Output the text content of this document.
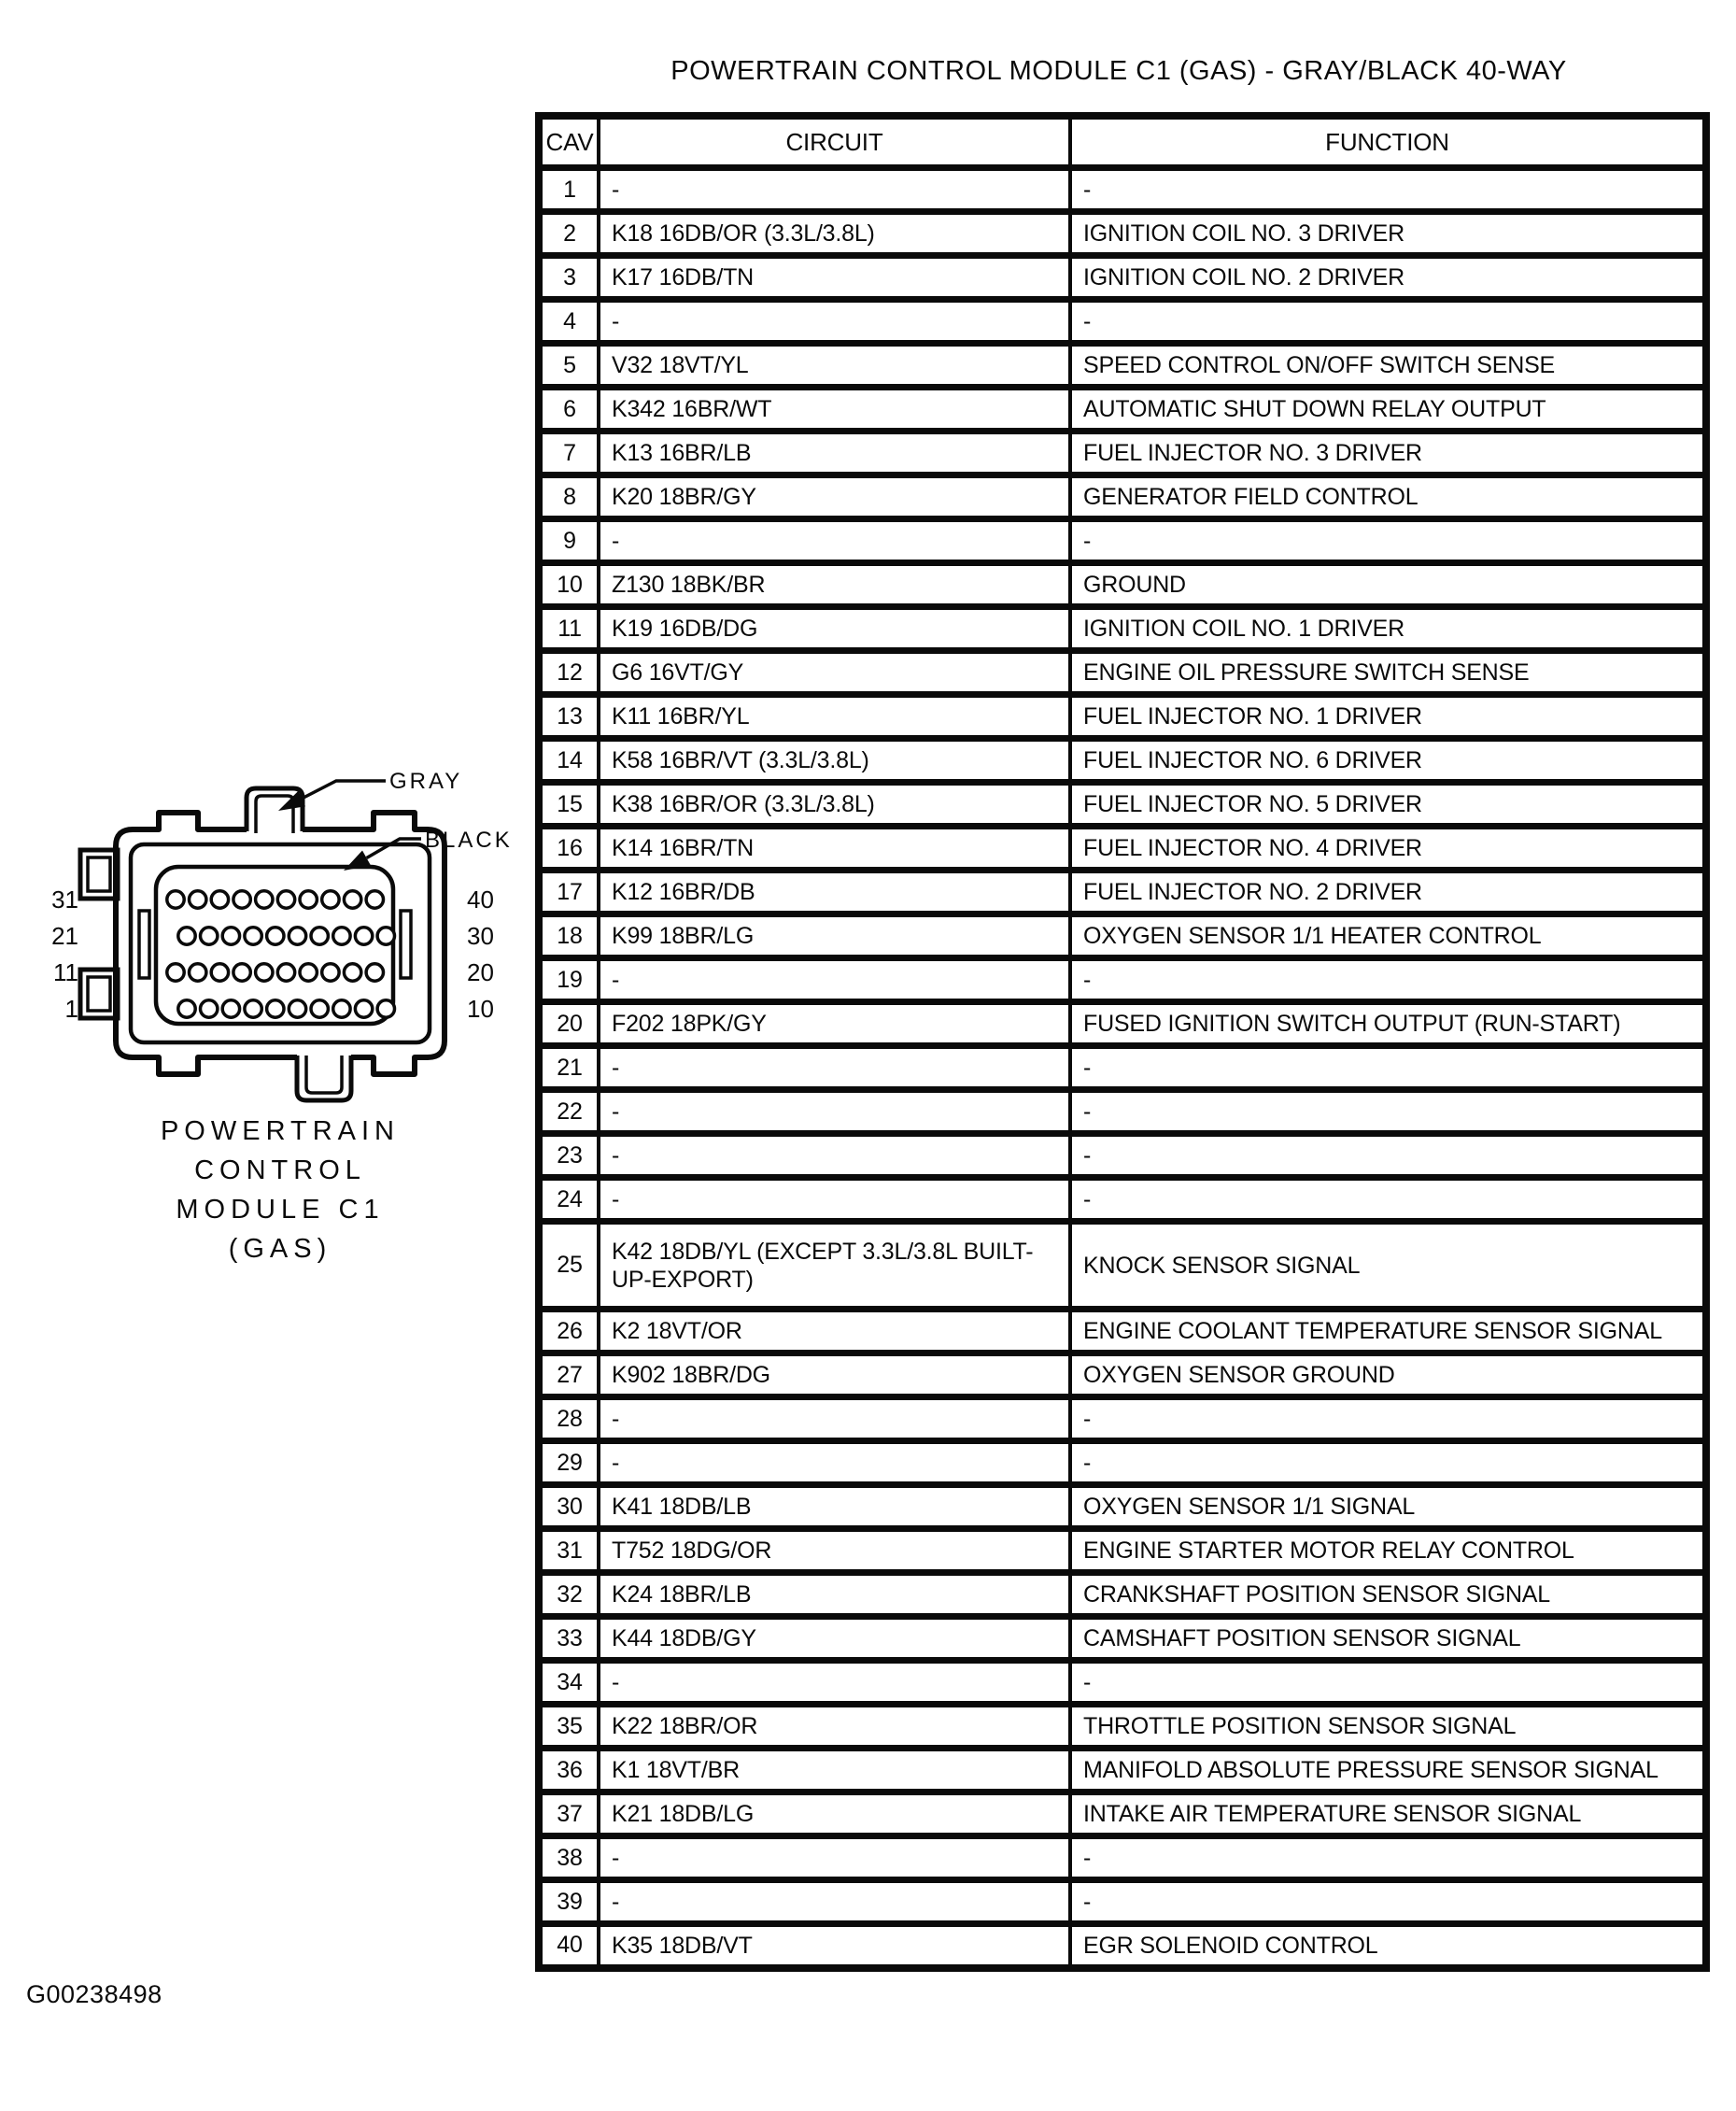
POWERTRAIN CONTROL MODULE C1 (GAS) - GRAY/BLACK 40-WAY
GRAY
BLACK
31
21
11
1
40
30
20
10
POWERTRAIN
CONTROL
MODULE C1
(GAS)
CAV	CIRCUIT	FUNCTION
1	-	-
2	K18 16DB/OR (3.3L/3.8L)	IGNITION COIL NO. 3 DRIVER
3	K17 16DB/TN	IGNITION COIL NO. 2 DRIVER
4	-	-
5	V32 18VT/YL	SPEED CONTROL ON/OFF SWITCH SENSE
6	K342 16BR/WT	AUTOMATIC SHUT DOWN RELAY OUTPUT
7	K13 16BR/LB	FUEL INJECTOR NO. 3 DRIVER
8	K20 18BR/GY	GENERATOR FIELD CONTROL
9	-	-
10	Z130 18BK/BR	GROUND
11	K19 16DB/DG	IGNITION COIL NO. 1 DRIVER
12	G6 16VT/GY	ENGINE OIL PRESSURE SWITCH SENSE
13	K11 16BR/YL	FUEL INJECTOR NO. 1 DRIVER
14	K58 16BR/VT (3.3L/3.8L)	FUEL INJECTOR NO. 6 DRIVER
15	K38 16BR/OR (3.3L/3.8L)	FUEL INJECTOR NO. 5 DRIVER
16	K14 16BR/TN	FUEL INJECTOR NO. 4 DRIVER
17	K12 16BR/DB	FUEL INJECTOR NO. 2 DRIVER
18	K99 18BR/LG	OXYGEN SENSOR 1/1 HEATER CONTROL
19	-	-
20	F202 18PK/GY	FUSED IGNITION SWITCH OUTPUT (RUN-START)
21	-	-
22	-	-
23	-	-
24	-	-
25	K42 18DB/YL (EXCEPT 3.3L/3.8L BUILT-UP-EXPORT)	KNOCK SENSOR SIGNAL
26	K2 18VT/OR	ENGINE COOLANT TEMPERATURE SENSOR SIGNAL
27	K902 18BR/DG	OXYGEN SENSOR GROUND
28	-	-
29	-	-
30	K41 18DB/LB	OXYGEN SENSOR 1/1 SIGNAL
31	T752 18DG/OR	ENGINE STARTER MOTOR RELAY CONTROL
32	K24 18BR/LB	CRANKSHAFT POSITION SENSOR SIGNAL
33	K44 18DB/GY	CAMSHAFT POSITION SENSOR SIGNAL
34	-	-
35	K22 18BR/OR	THROTTLE POSITION SENSOR SIGNAL
36	K1 18VT/BR	MANIFOLD ABSOLUTE PRESSURE SENSOR SIGNAL
37	K21 18DB/LG	INTAKE AIR TEMPERATURE SENSOR SIGNAL
38	-	-
39	-	-
40	K35 18DB/VT	EGR SOLENOID CONTROL
G00238498
